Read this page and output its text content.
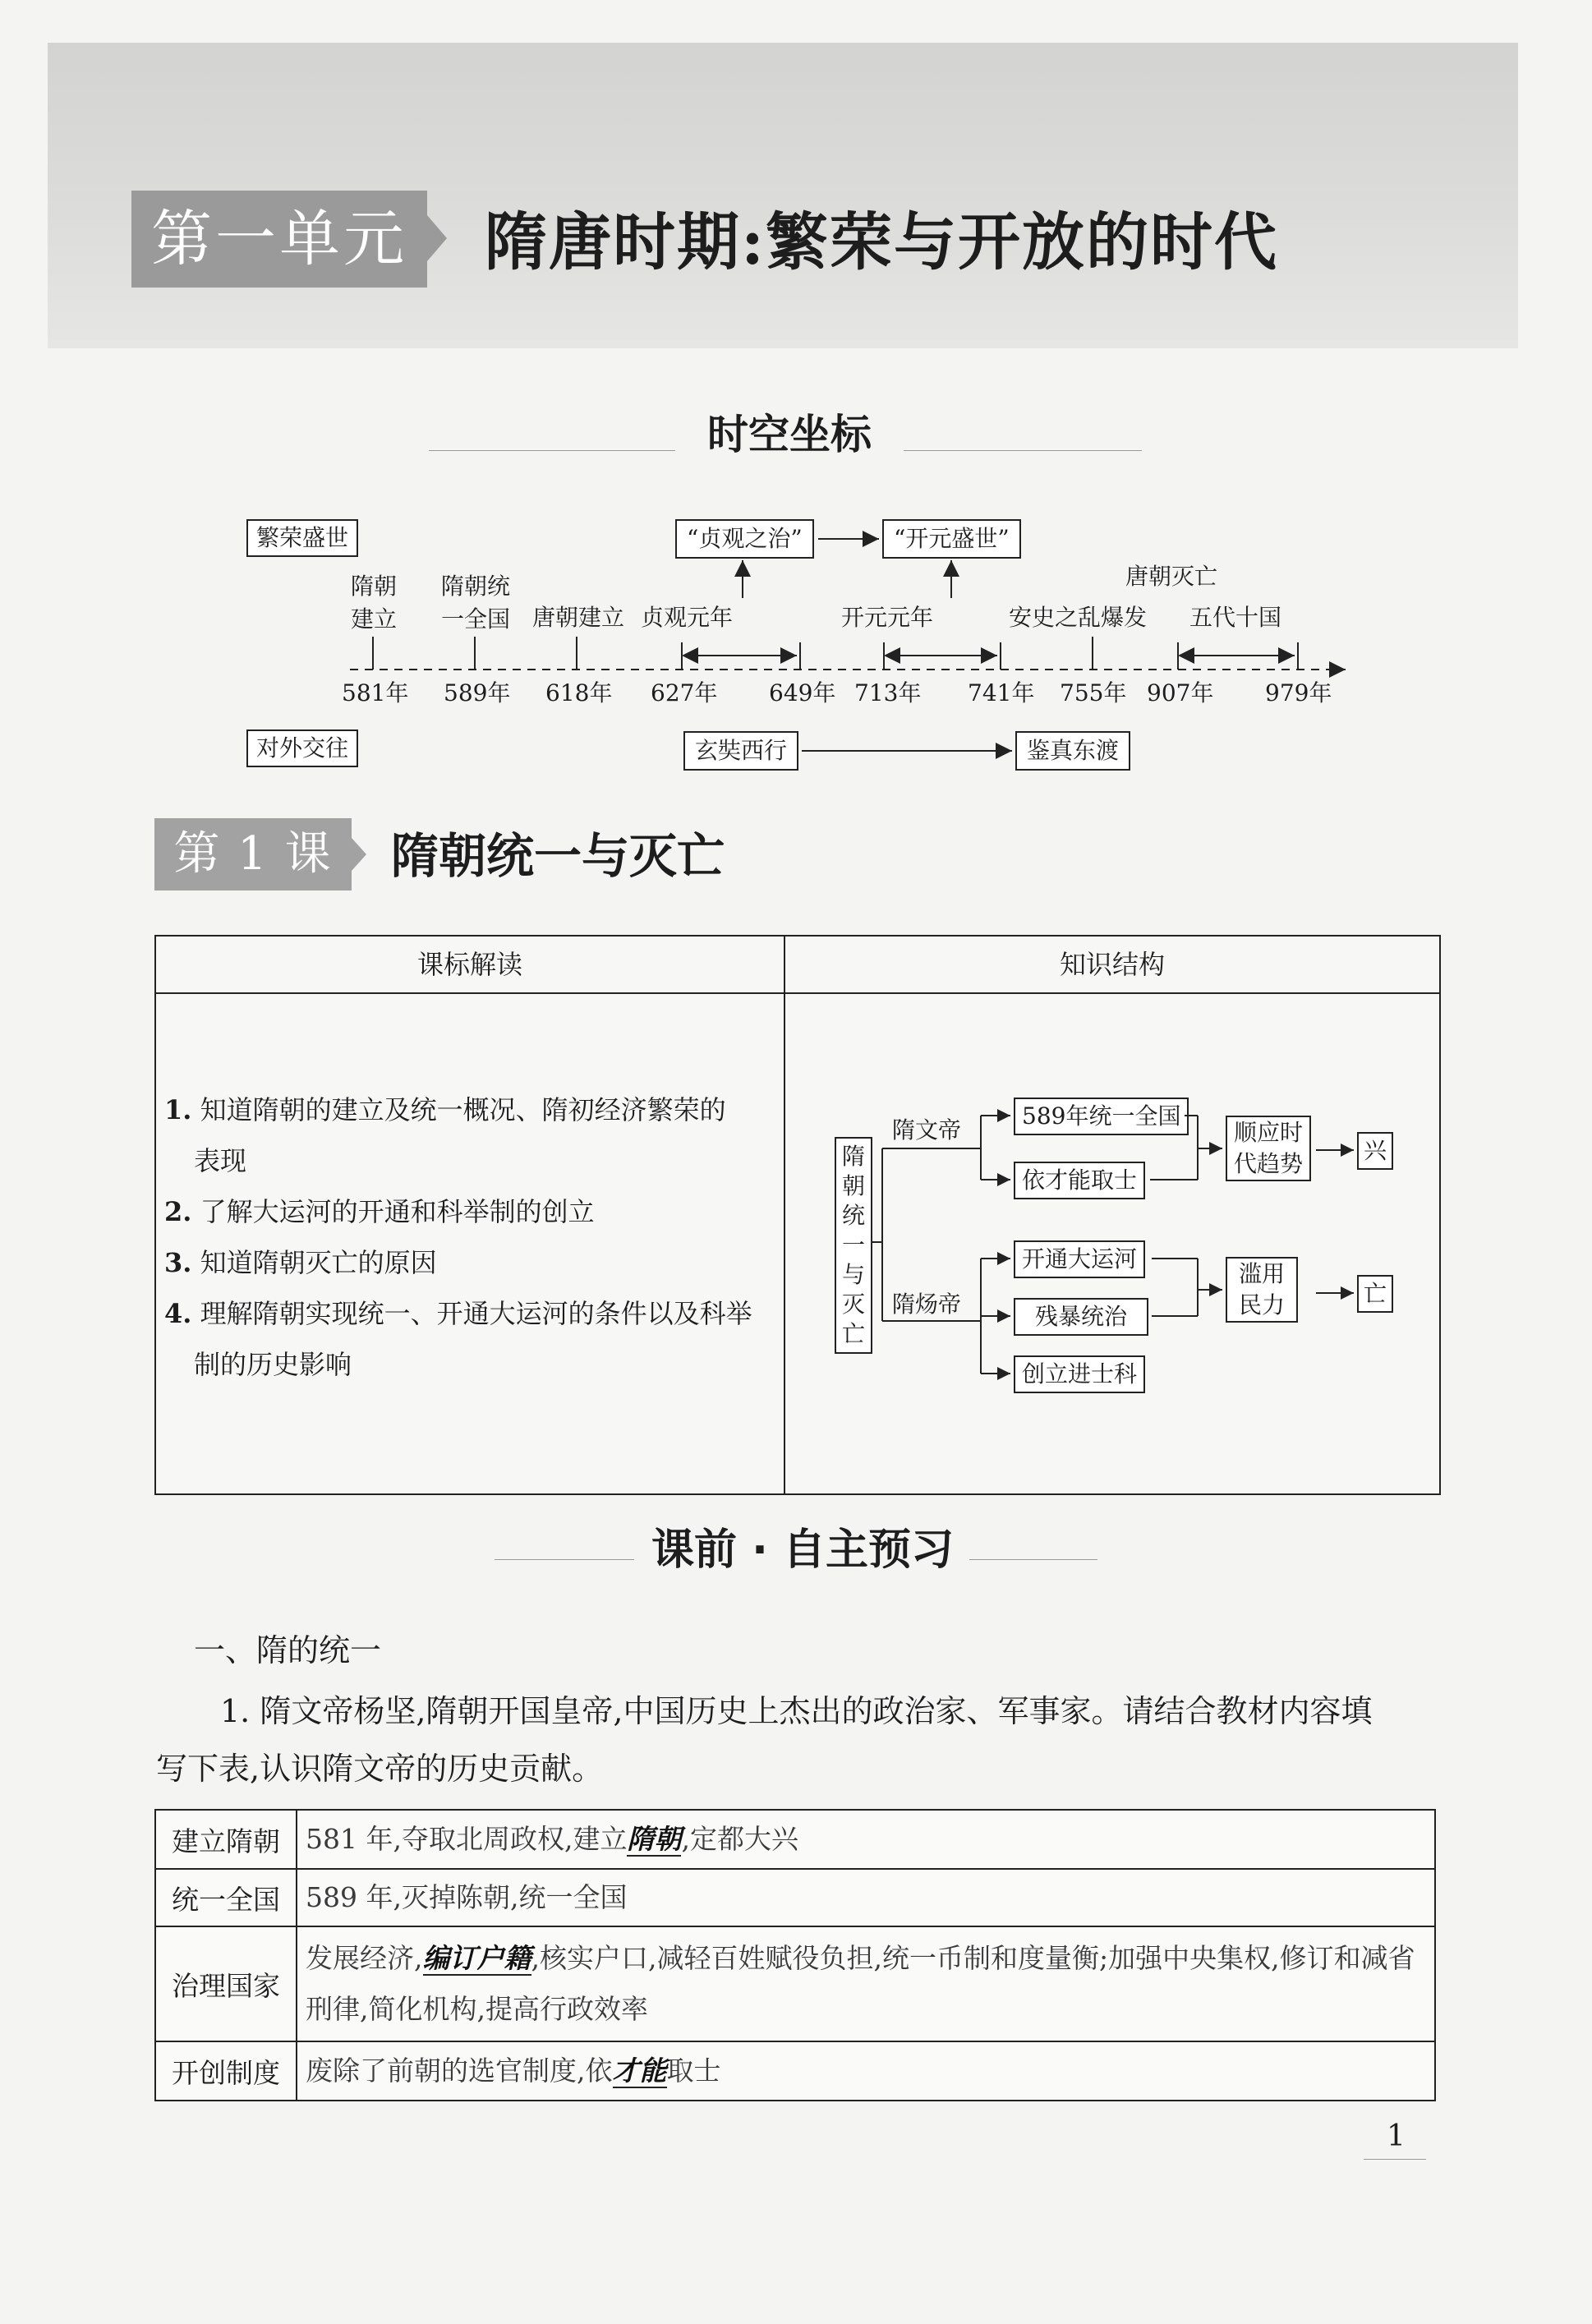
第一单元	隋唐时期:繁荣与开放的时代
时空坐标
繁荣盛世
对外交往
“贞观之治”	“开元盛世”
玄奘西行	鉴真东渡
隋朝
建立
隋朝统
一全国 唐朝建立 贞观元年	开元元年	安史之乱爆发
唐朝灭亡
五代十国
581年 589年 618年 627年 649年 713年 741年 755年 907年 979年
第 1 课	隋朝统一与灭亡
课标解读	知识结构
1. 知道隋朝的建立及统一概况、隋初经济繁荣的
表现
2. 了解大运河的开通和科举制的创立
3. 知道隋朝灭亡的原因
4. 理解隋朝实现统一、开通大运河的条件以及科举
制的历史影响
隋
朝
统
一
与
灭
亡
隋文帝
隋炀帝
589年统一全国
依才能取士
顺应时
代趋势	兴
开通大运河
残暴统治
创立进士科
滥用
民力	亡
课前 · 自主预习
一、隋的统一
1. 隋文帝杨坚,隋朝开国皇帝,中国历史上杰出的政治家、军事家。请结合教材内容填
写下表,认识隋文帝的历史贡献。
建立隋朝	581 年,夺取北周政权,建立隋朝,定都大兴
统一全国	589 年,灭掉陈朝,统一全国
治理国家	发展经济,编订户籍,核实户口,减轻百姓赋役负担,统一币制和度量衡;加强中央集权,修订和减省刑律,简化机构,提高行政效率
开创制度	废除了前朝的选官制度,依才能取士
1
